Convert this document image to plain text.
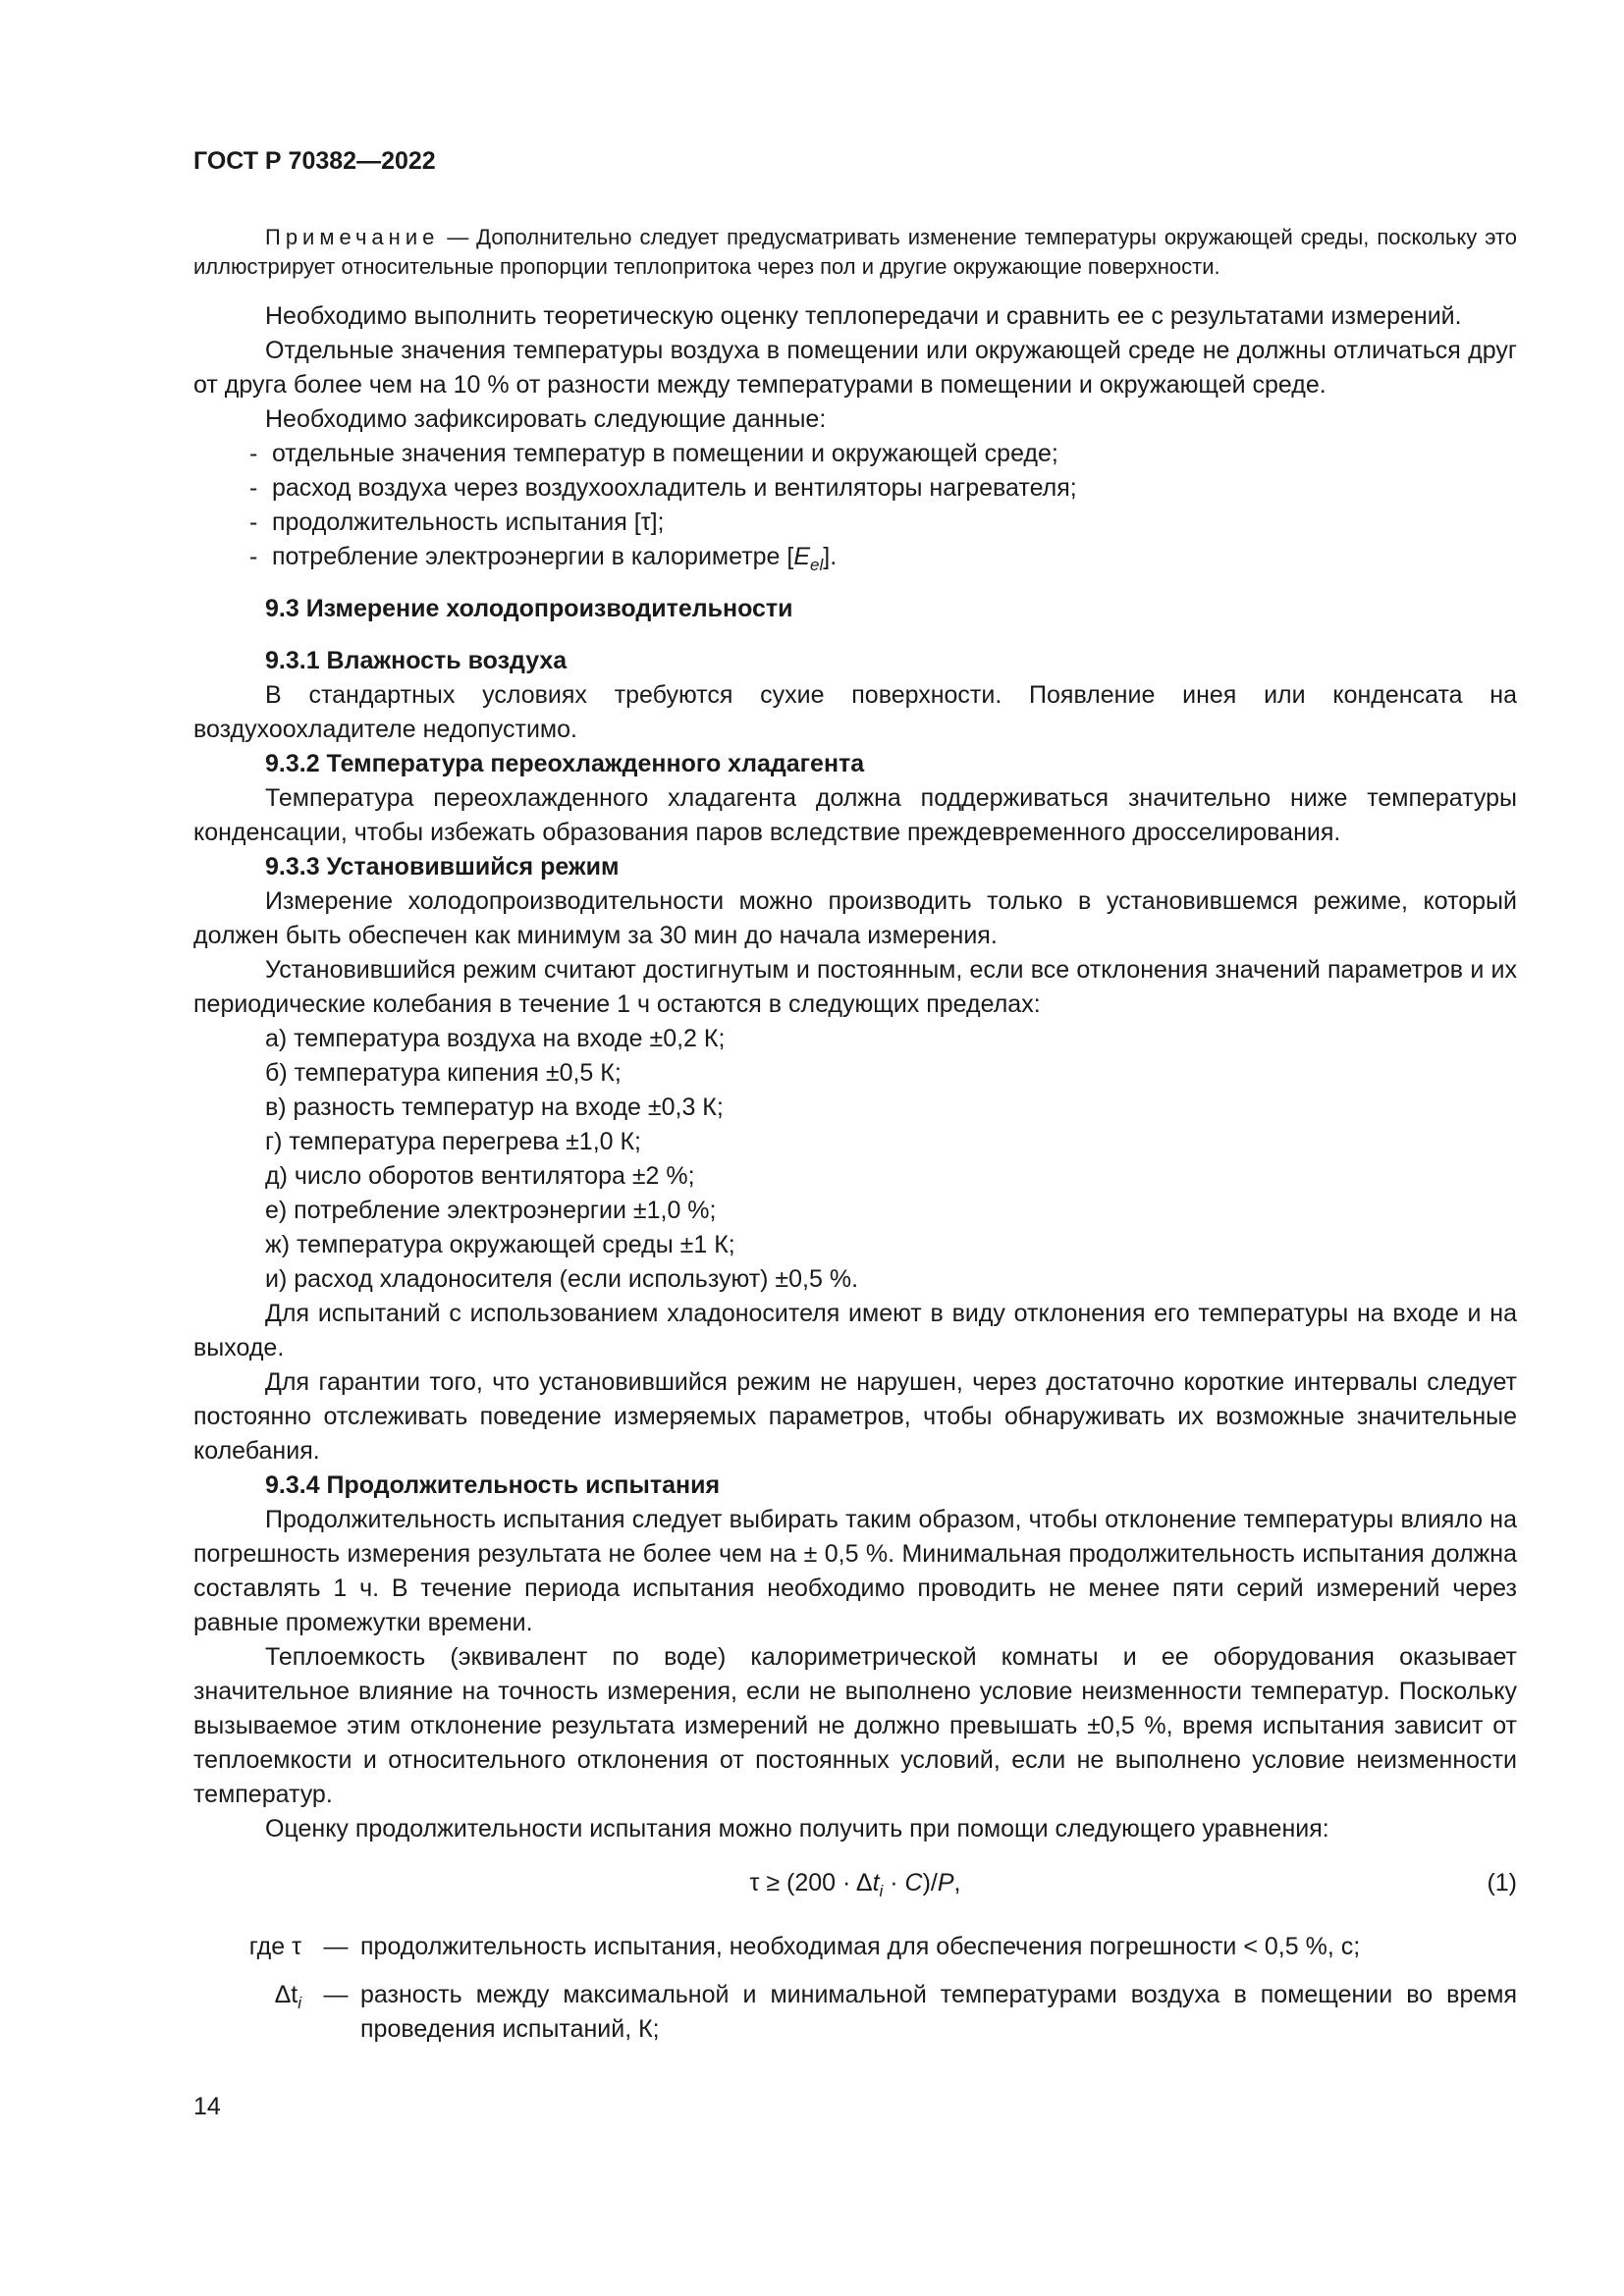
ГОСТ Р 70382—2022

Примечание — Дополнительно следует предусматривать изменение температуры окружающей среды, поскольку это иллюстрирует относительные пропорции теплопритока через пол и другие окружающие поверхности.

Необходимо выполнить теоретическую оценку теплопередачи и сравнить ее с результатами измерений.

Отдельные значения температуры воздуха в помещении или окружающей среде не должны отличаться друг от друга более чем на 10 % от разности между температурами в помещении и окружающей среде.

Необходимо зафиксировать следующие данные:

- отдельные значения температур в помещении и окружающей среде;

- расход воздуха через воздухоохладитель и вентиляторы нагревателя;

- продолжительность испытания [τ];

- потребление электроэнергии в калориметре $[E_{el}]$.

9.3 Измерение холодопроизводительности
9.3.1 Влажность воздуха

В стандартных условиях требуются сухие поверхности. Появление инея или конденсата на воздухоохладителе недопустимо.

9.3.2 Температура переохлажденного хладагента

Температура переохлажденного хладагента должна поддерживаться значительно ниже температуры конденсации, чтобы избежать образования паров вследствие преждевременного дросселирования.

9.3.3 Установившийся режим

Измерение холодопроизводительности можно производить только в установившемся режиме, который должен быть обеспечен как минимум за 30 мин до начала измерения.

Установившийся режим считают достигнутым и постоянным, если все отклонения значений параметров и их периодические колебания в течение 1 ч остаются в следующих пределах:

а) температура воздуха на входе ±0,2 К;

б) температура кипения ±0,5 К;

в) разность температур на входе ±0,3 К;

г) температура перегрева ±1,0 К;

д) число оборотов вентилятора ±2 %;

е) потребление электроэнергии ±1,0 %;

ж) температура окружающей среды ±1 К;

и) расход хладоносителя (если используют) ±0,5 %.

Для испытаний с использованием хладоносителя имеют в виду отклонения его температуры на входе и на выходе.

Для гарантии того, что установившийся режим не нарушен, через достаточно короткие интервалы следует постоянно отслеживать поведение измеряемых параметров, чтобы обнаруживать их возможные значительные колебания.

9.3.4 Продолжительность испытания

Продолжительность испытания следует выбирать таким образом, чтобы отклонение температуры влияло на погрешность измерения результата не более чем на ± 0,5 %. Минимальная продолжительность испытания должна составлять 1 ч. В течение периода испытания необходимо проводить не менее пяти серий измерений через равные промежутки времени.

Теплоемкость (эквивалент по воде) калориметрической комнаты и ее оборудования оказывает значительное влияние на точность измерения, если не выполнено условие неизменности температур. Поскольку вызываемое этим отклонение результата измерений не должно превышать ±0,5 %, время испытания зависит от теплоемкости и относительного отклонения от постоянных условий, если не выполнено условие неизменности температур.

Оценку продолжительности испытания можно получить при помощи следующего уравнения:

$\tau \ge (200 \cdot \Delta t_i \cdot C)/P$,	(1)
где τ — продолжительность испытания, необходимая для обеспечения погрешности < 0,5 %, с;
$\Delta t_i$ — разность между максимальной и минимальной температурами воздуха в помещении во время проведения испытаний, К;
14
